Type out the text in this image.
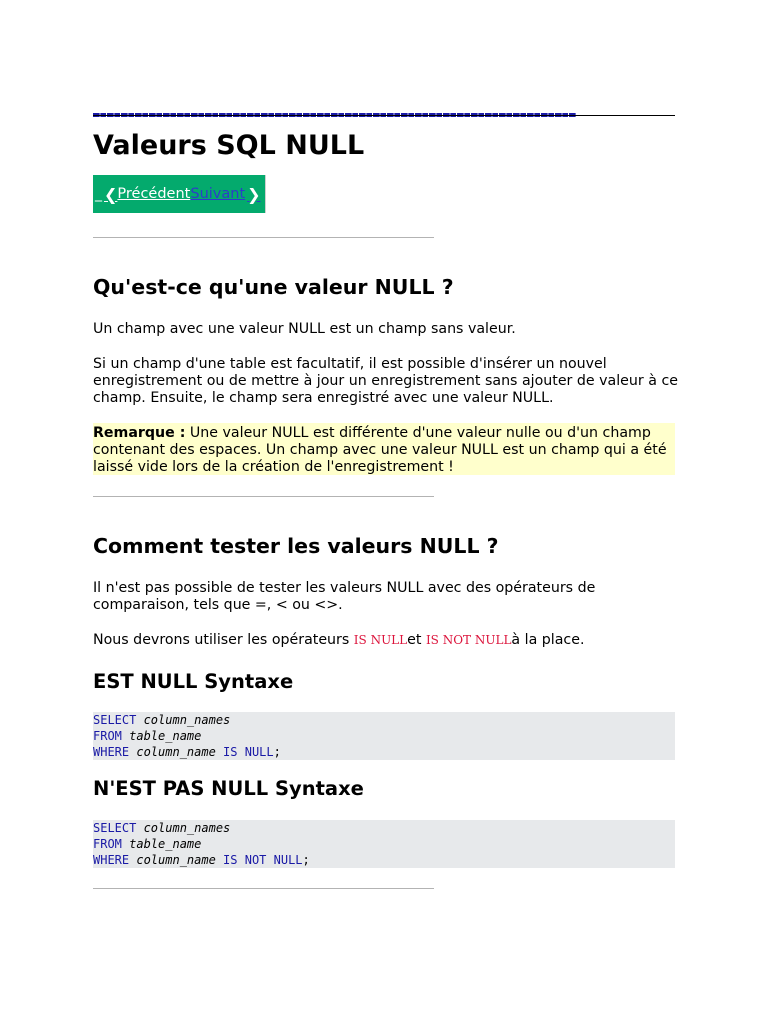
Valeurs SQL NULL
_ ❮ Précédent Suivant ❯
Qu'est-ce qu'une valeur NULL ?

Un champ avec une valeur NULL est un champ sans valeur.

Si un champ d'une table est facultatif, il est possible d'insérer un nouvel enregistrement ou de mettre à jour un enregistrement sans ajouter de valeur à ce champ. Ensuite, le champ sera enregistré avec une valeur NULL.

Remarque : Une valeur NULL est différente d'une valeur nulle ou d'un champ contenant des espaces. Un champ avec une valeur NULL est un champ qui a été laissé vide lors de la création de l'enregistrement !

Comment tester les valeurs NULL ?

Il n'est pas possible de tester les valeurs NULL avec des opérateurs de comparaison, tels que =, < ou <>.

Nous devrons utiliser les opérateurs IS NULLet IS NOT NULLà la place.

EST NULL Syntaxe
SELECT column_names
FROM table_name
WHERE column_name IS NULL;
N'EST PAS NULL Syntaxe
SELECT column_names
FROM table_name
WHERE column_name IS NOT NULL;
